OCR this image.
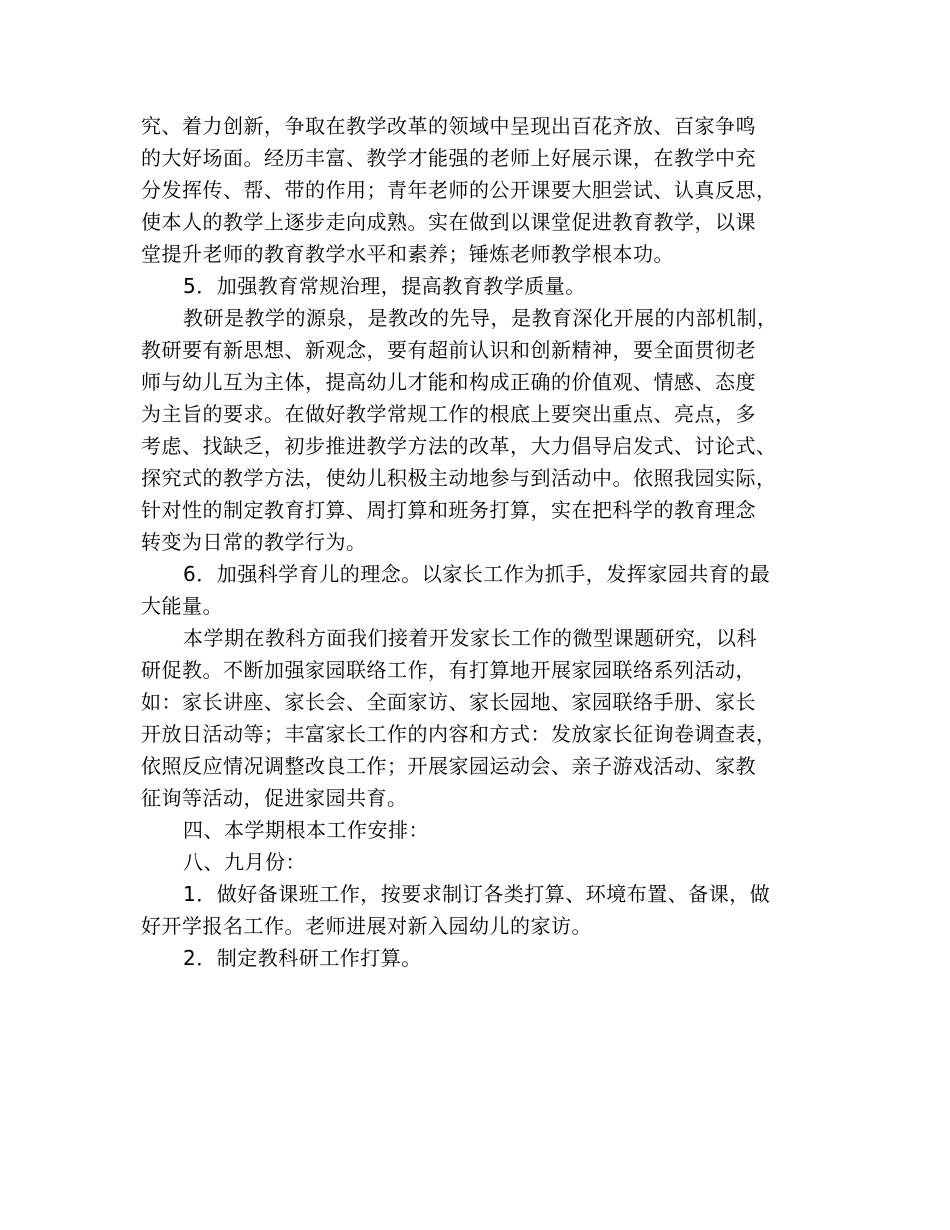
究、着力创新，争取在教学改革的领域中呈现出百花齐放、百家争鸣
的大好场面。经历丰富、教学才能强的老师上好展示课，在教学中充
分发挥传、帮、带的作用；青年老师的公开课要大胆尝试、认真反思，
使本人的教学上逐步走向成熟。实在做到以课堂促进教育教学，以课
堂提升老师的教育教学水平和素养；锤炼老师教学根本功。
5．加强教育常规治理，提高教育教学质量。
教研是教学的源泉，是教改的先导，是教育深化开展的内部机制，
教研要有新思想、新观念，要有超前认识和创新精神，要全面贯彻老
师与幼儿互为主体，提高幼儿才能和构成正确的价值观、情感、态度
为主旨的要求。在做好教学常规工作的根底上要突出重点、亮点，多
考虑、找缺乏，初步推进教学方法的改革，大力倡导启发式、讨论式、
探究式的教学方法，使幼儿积极主动地参与到活动中。依照我园实际，
针对性的制定教育打算、周打算和班务打算，实在把科学的教育理念
转变为日常的教学行为。
6．加强科学育儿的理念。以家长工作为抓手，发挥家园共育的最
大能量。
本学期在教科方面我们接着开发家长工作的微型课题研究，以科
研促教。不断加强家园联络工作，有打算地开展家园联络系列活动，
如：家长讲座、家长会、全面家访、家长园地、家园联络手册、家长
开放日活动等；丰富家长工作的内容和方式：发放家长征询卷调查表，
依照反应情况调整改良工作；开展家园运动会、亲子游戏活动、家教
征询等活动，促进家园共育。
四、本学期根本工作安排：
八、九月份：
1．做好备课班工作，按要求制订各类打算、环境布置、备课，做
好开学报名工作。老师进展对新入园幼儿的家访。
2．制定教科研工作打算。
